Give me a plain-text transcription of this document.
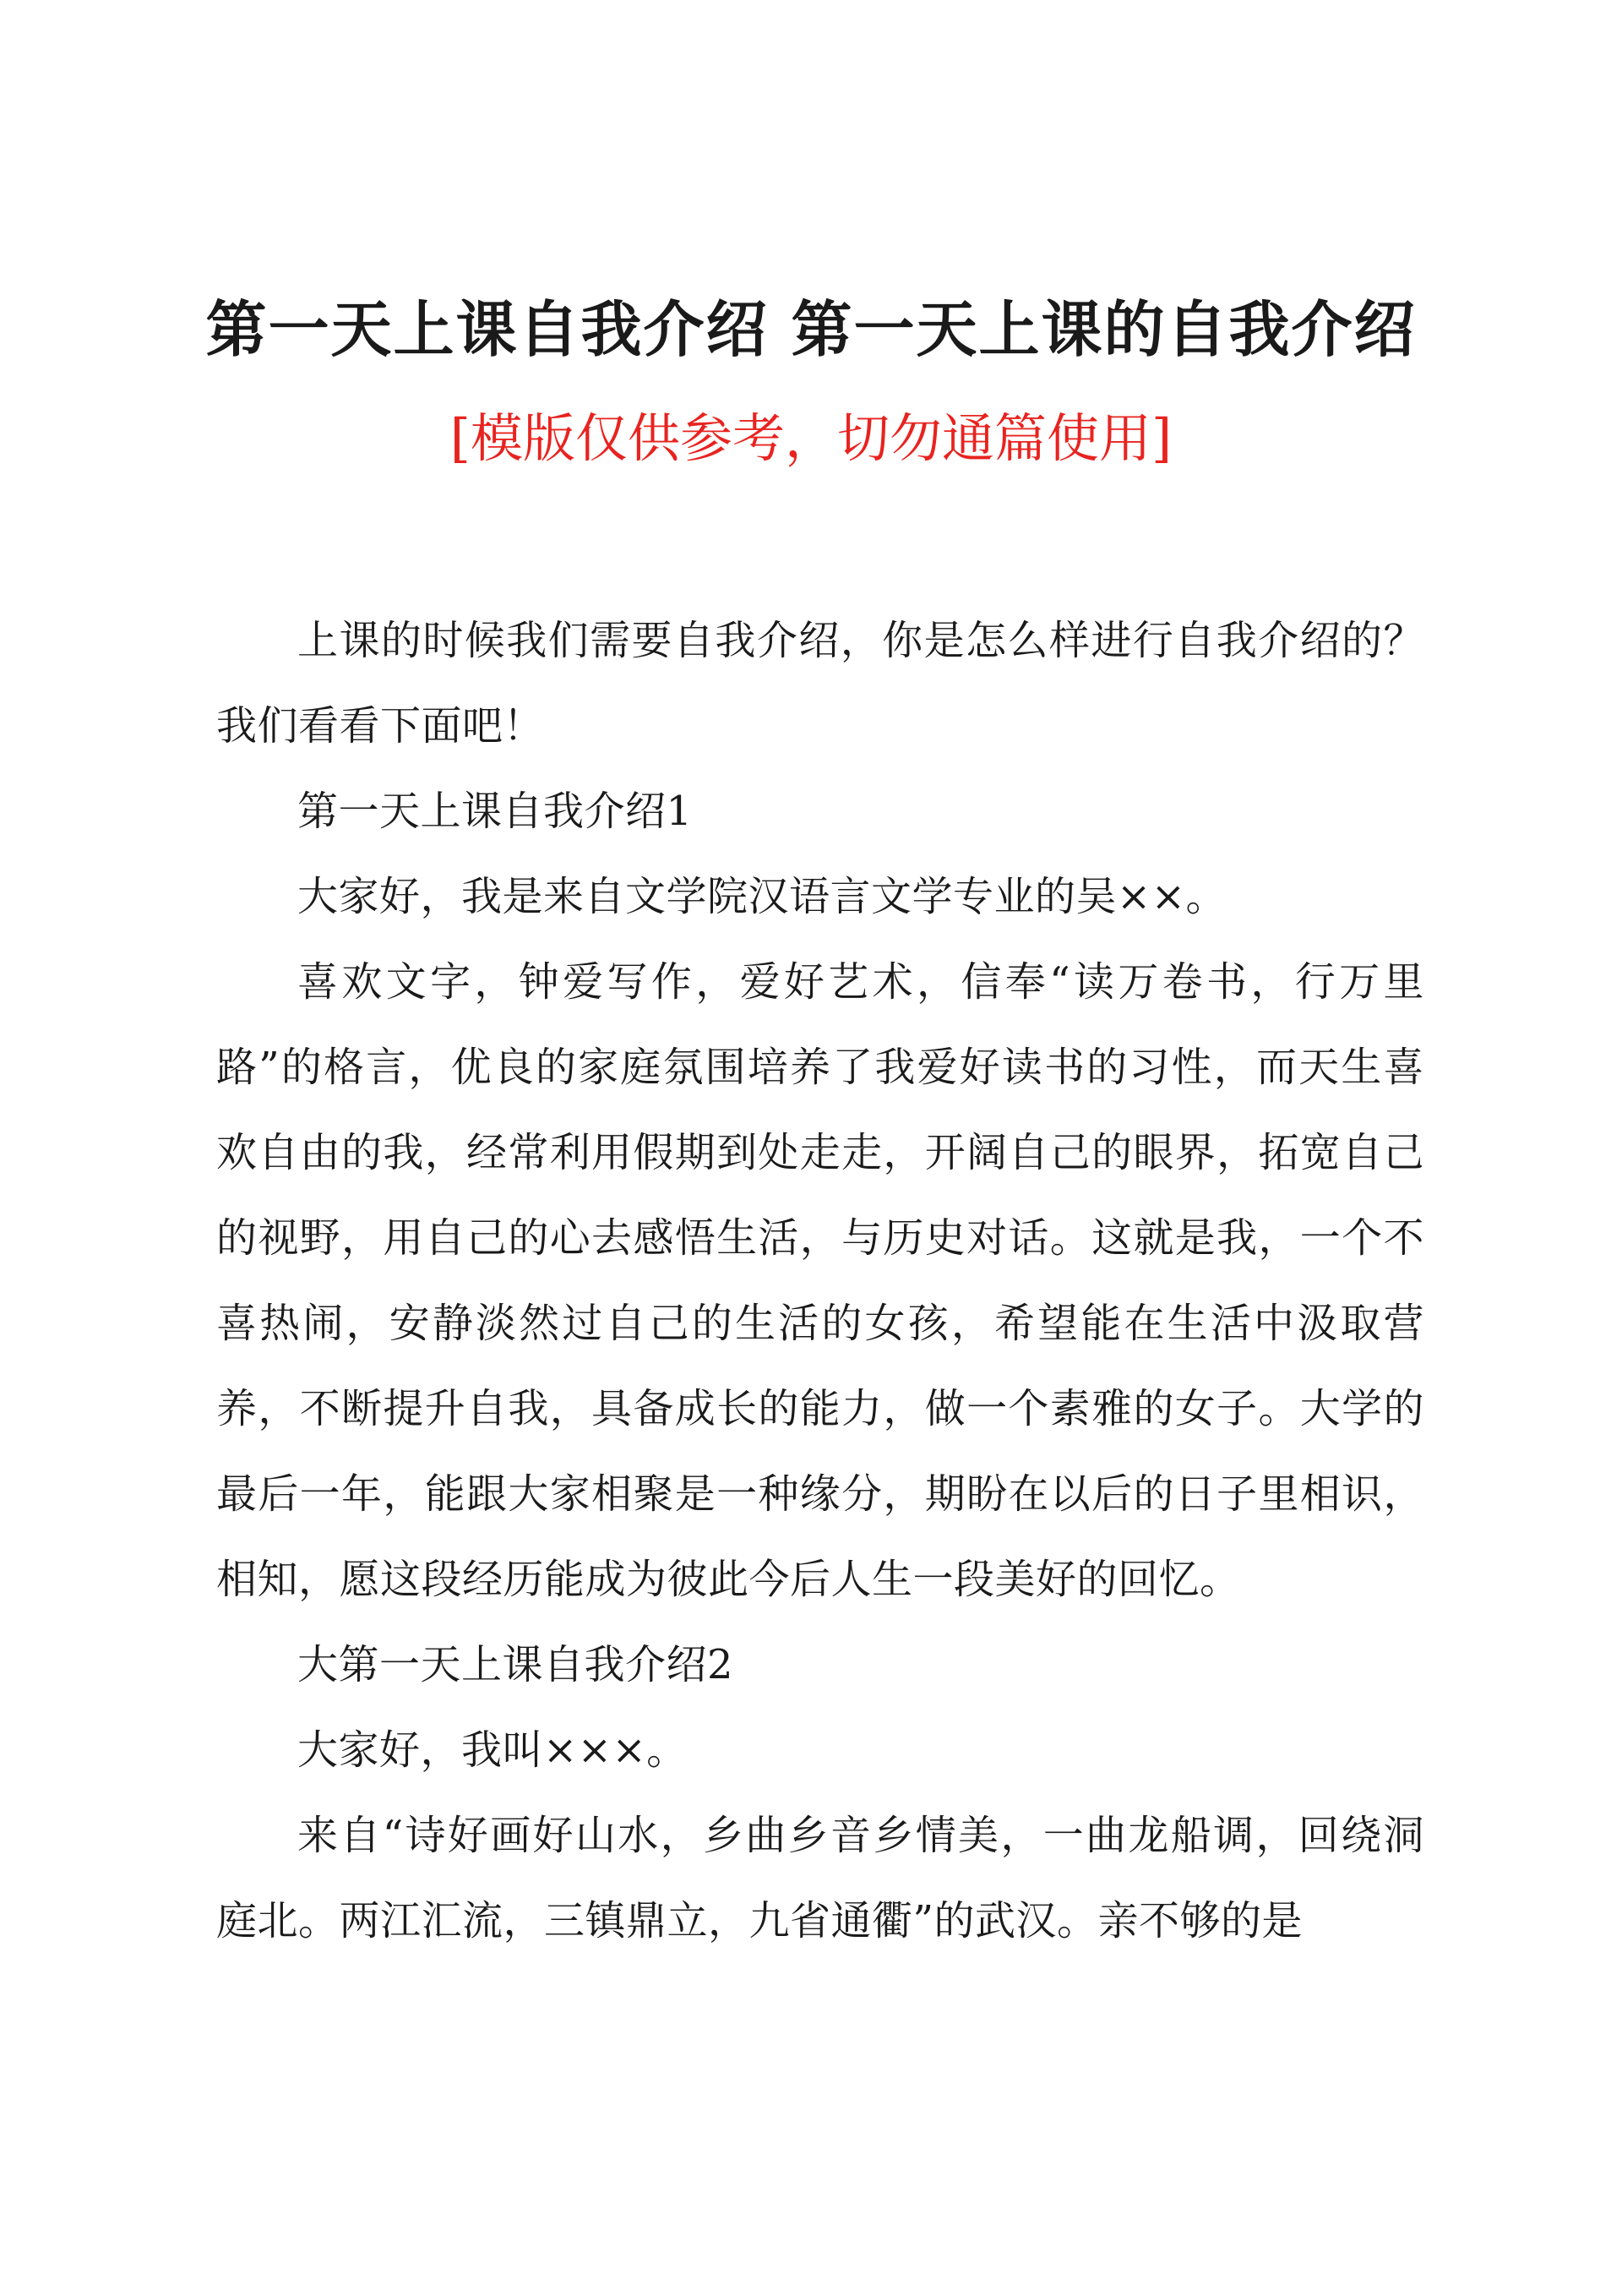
第一天上课自我介绍 第一天上课的自我介绍
[模版仅供参考，切勿通篇使用]

上课的时候我们需要自我介绍，你是怎么样进行自我介绍的？我们看看下面吧！

第一天上课自我介绍1

大家好，我是来自文学院汉语言文学专业的吴××。

喜欢文字，钟爱写作，爱好艺术，信奉“读万卷书，行万里路”的格言，优良的家庭氛围培养了我爱好读书的习性，而天生喜欢自由的我，经常利用假期到处走走，开阔自己的眼界，拓宽自己的视野，用自己的心去感悟生活，与历史对话。这就是我，一个不喜热闹，安静淡然过自己的生活的女孩，希望能在生活中汲取营养，不断提升自我，具备成长的能力，做一个素雅的女子。大学的最后一年，能跟大家相聚是一种缘分，期盼在以后的日子里相识，相知，愿这段经历能成为彼此今后人生一段美好的回忆。

大第一天上课自我介绍2

大家好，我叫×××。

来自“诗好画好山水，乡曲乡音乡情美，一曲龙船调，回绕洞庭北。两江汇流，三镇鼎立，九省通衢”的武汉。亲不够的是
